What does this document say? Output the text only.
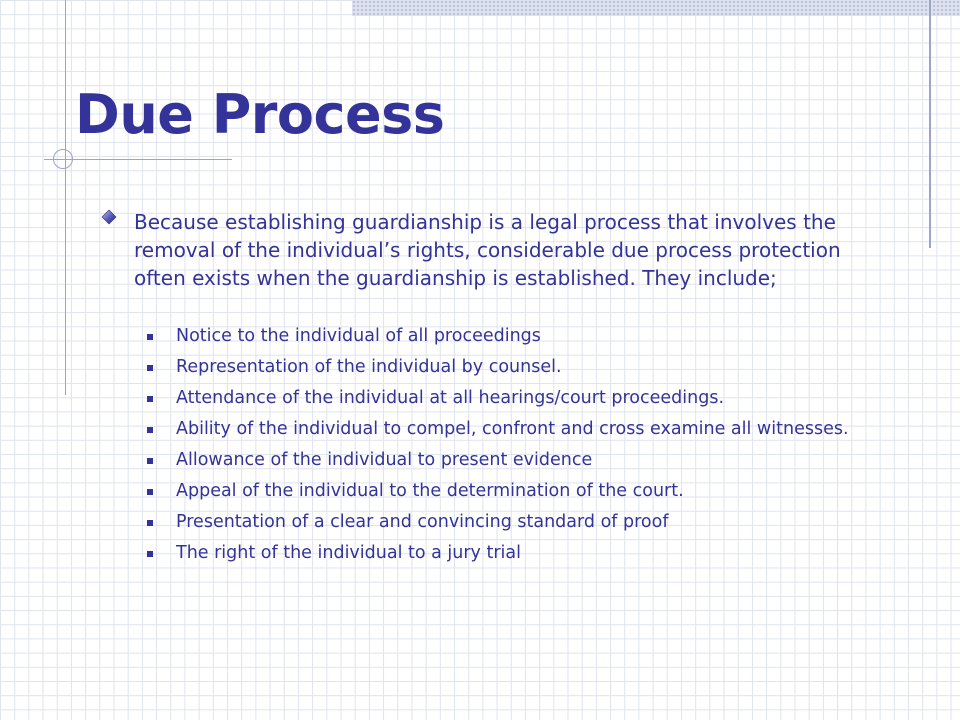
Due Process

Because establishing guardianship is a legal process that involves the removal of the individual’s rights, considerable due process protection often exists when the guardianship is established. They include;

Notice to the individual of all proceedings
Representation of the individual by counsel.
Attendance of the individual at all hearings/court proceedings.
Ability of the individual to compel, confront and cross examine all witnesses.
Allowance of the individual to present evidence
Appeal of the individual to the determination of the court.
Presentation of a clear and convincing standard of proof
The right of the individual to a jury trial
